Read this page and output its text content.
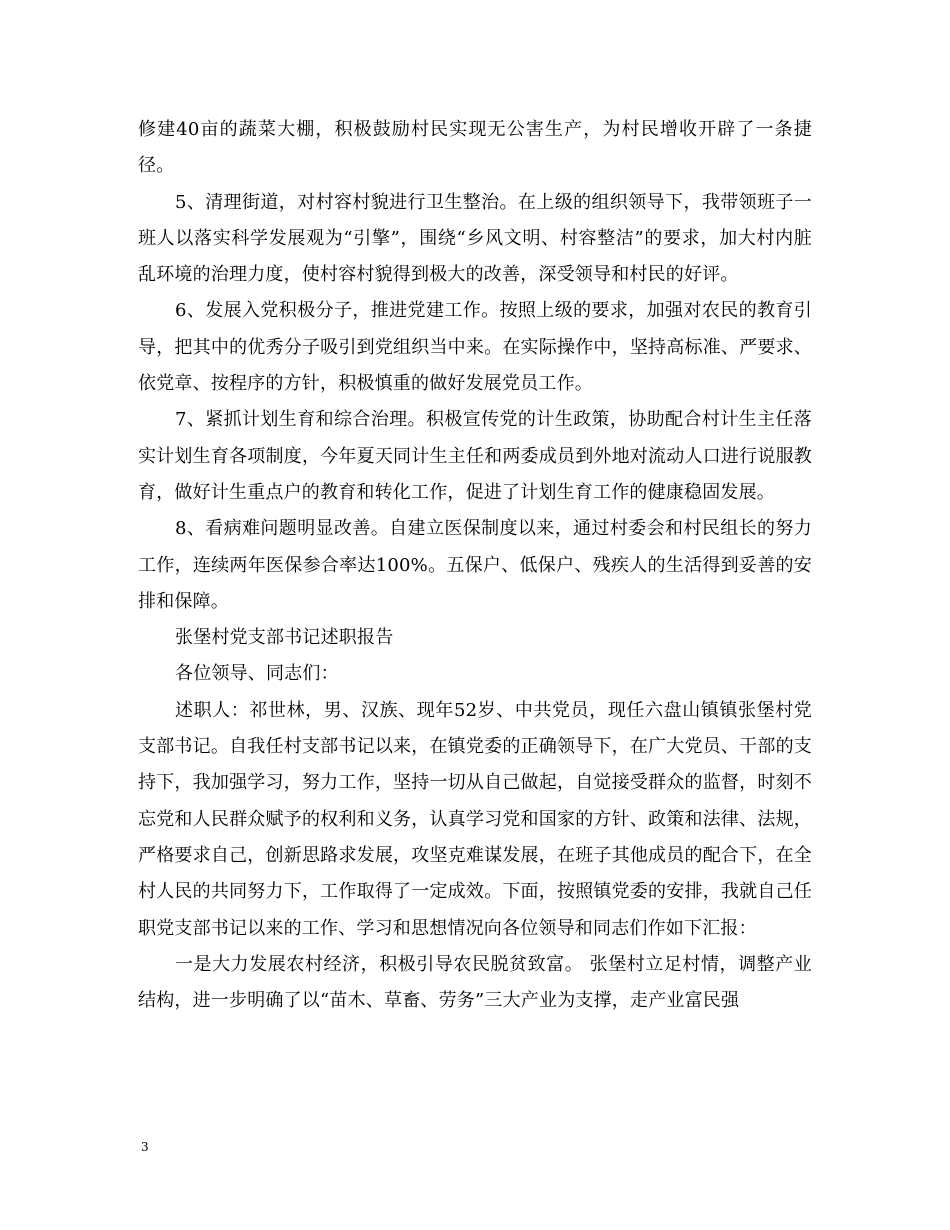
修建40亩的蔬菜大棚，积极鼓励村民实现无公害生产，为村民增收开辟了一条捷径。

5、清理街道，对村容村貌进行卫生整治。在上级的组织领导下，我带领班子一班人以落实科学发展观为“引擎”，围绕“乡风文明、村容整洁”的要求，加大村内脏乱环境的治理力度，使村容村貌得到极大的改善，深受领导和村民的好评。

6、发展入党积极分子，推进党建工作。按照上级的要求，加强对农民的教育引导，把其中的优秀分子吸引到党组织当中来。在实际操作中，坚持高标准、严要求、依党章、按程序的方针，积极慎重的做好发展党员工作。

7、紧抓计划生育和综合治理。积极宣传党的计生政策，协助配合村计生主任落实计划生育各项制度，今年夏天同计生主任和两委成员到外地对流动人口进行说服教育，做好计生重点户的教育和转化工作，促进了计划生育工作的健康稳固发展。

8、看病难问题明显改善。自建立医保制度以来，通过村委会和村民组长的努力工作，连续两年医保参合率达100%。五保户、低保户、残疾人的生活得到妥善的安排和保障。

张堡村党支部书记述职报告

各位领导、同志们：

述职人：祁世林，男、汉族、现年52岁、中共党员，现任六盘山镇镇张堡村党支部书记。自我任村支部书记以来，在镇党委的正确领导下，在广大党员、干部的支持下，我加强学习，努力工作，坚持一切从自己做起，自觉接受群众的监督，时刻不忘党和人民群众赋予的权利和义务，认真学习党和国家的方针、政策和法律、法规，严格要求自己，创新思路求发展，攻坚克难谋发展，在班子其他成员的配合下，在全村人民的共同努力下，工作取得了一定成效。下面，按照镇党委的安排，我就自己任职党支部书记以来的工作、学习和思想情况向各位领导和同志们作如下汇报：

一是大力发展农村经济，积极引导农民脱贫致富。 张堡村立足村情，调整产业结构，进一步明确了以“苗木、草畜、劳务”三大产业为支撑，走产业富民强

3
